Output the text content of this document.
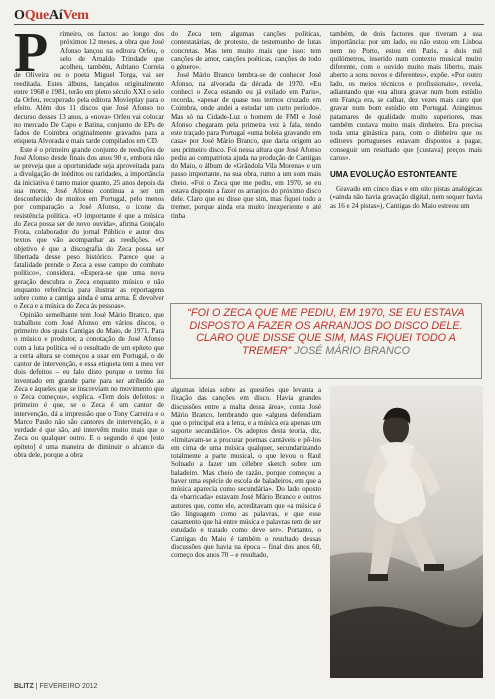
OQueAíVem

P	rimeiro, os factos: ao longo dos próximos 12 meses, a obra que José Afonso lançou na editora Orfeu, o selo de Arnaldo Trindade que acolheu, também, Adriano Correia de Oliveira ou o poeta Miguel Torga, vai ser reeditada. Estes álbuns, lançados originalmente entre 1968 e 1981, terão em pleno século XXI o selo da Orfeu, recuperado pela editora Movieplay para o efeito. Além dos 11 discos que José Afonso no decurso desses 13 anos, a «nova» Orfeu vai colocar no mercado De Capo e Batina, conjunto de EPs de fados de Coimbra originalmente gravados para a etiqueta Alvorada e mais tarde compilados em CD.

Este é o primeiro grande conjunto de reedições de José Afonso desde finais dos anos 90 e, embora não se preveja que a oportunidade seja aproveitada para a divulgação de inéditos ou raridades, a importância da iniciativa é tanto maior quanto, 25 anos depois da sua morte, José Afonso continua a ser um desconhecido de muitos em Portugal, pelo menos por comparação a José Afonso, o ícone da resistência política. «O importante é que a música do Zeca possa ser de novo ouvida», afirma Gonçalo Frota, colaborador do jornal Público e autor dos textos que vão acompanhar as reedições. «O objetivo é que a discografia do Zeca possa ser libertada desse peso histórico. Parece que a fatalidade prende o Zeca a esse campo do combate político», considera. «Espera-se que uma nova geração descubra o Zeca enquanto músico e não enquanto referência para ilustrar as reportagens sobre como a cantiga ainda é uma arma. É devolver o Zeca e a música do Zeca às pessoas».

Opinião semelhante tem José Mário Branco, que trabalhou com José Afonso em vários discos, o primeiro dos quais Cantigas do Maio, de 1971. Para o músico e produtor, a conotação de José Afonso com a luta política «é o resultado de um epíteto que a certa altura se começou a usar em Portugal, o de cantor de intervenção, e essa etiqueta tem a meu ver dois defeitos – eu falo disto porque o termo foi inventado em grande parte para ser atribuído ao Zeca e àqueles que se inscreviam no movimento que o Zeca começou», explica. «Tem dois defeitos: o primeiro é que, se o Zeca é um cantor de intervenção, dá a impressão que o Tony Carreira e o Marco Paulo não são cantores de intervenção, e a verdade é que são, até intervêm muito mais que o Zeca ou qualquer outro. E o segundo é que [este epíteto] é uma maneira de diminuir o alcance da obra dele, porque a obra

do Zeca tem algumas canções políticas, contestatárias, de protesto, de testemunho de lutas concretas. Mas tem muito mais que isso: tem canções de amor, canções poéticas, canções de todo o género».

José Mário Branco lembra-se de conhecer José Afonso, na alvorada da década de 1970. «Eu conheci o Zeca estando eu já exilado em Paris», recorda, «apesar de quase nos termos cruzado em Coimbra, onde andei a estudar um curto período». Mas só na Cidade-Luz o homem de FMI e José Afonso chegaram pela primeira vez à fala, tendo este traçado para Portugal «uma boleia gravando em casa» por José Mário Branco, que daria origem ao seu primeiro disco. Foi nessa altura que José Afonso pediu ao compatriota ajuda na produção de Cantigas do Maio, o álbum de «Grândola Vila Morena» e um passo importante, na sua obra, rumo a um som mais cheio. «Foi o Zeca que me pediu, em 1970, se eu estava disposto a fazer os arranjos do próximo disco dele. Claro que eu disse que sim, mas fiquei todo a tremer, porque ainda era muito inexperiente e até tinha

também, de dois factores que tiveram a sua importância: por um lado, eu não estou em Lisboa nem no Porto, estou em Paris, a dois mil quilómetros, inserido num contexto musical muito diferente, com o ouvido muito mais liberto, mais aberto a sons novos e diferentes», expõe. «Por outro lado, os meios técnicos e profissionais», revela, adiantando que «na altura gravar num bom estúdio em França era, se calhar, dez vezes mais caro que gravar num bom estúdio em Portugal. Atingimos patamares de qualidade muito superiores, mas também custava muito mais dinheiro. Era precisa toda uma ginástica para, com o dinheiro que os editores portugueses estavam dispostos a pagar, conseguir um resultado que [custava] preços mais caros».

UMA EVOLUÇÃO ESTONTEANTE

Gravado em cinco dias e em oito pistas analógicas («ainda não havia gravação digital, nem sequer havia as 16 e 24 pistas»), Cantigas do Maio estreou um

“FOI O ZECA QUE ME PEDIU, EM 1970, SE EU ESTAVA DISPOSTO A FAZER OS ARRANJOS DO DISCO DELE. CLARO QUE DISSE QUE SIM, MAS FIQUEI TODO A TREMER” JOSÉ MÁRIO BRANCO

algumas ideias sobre as questões que levanta a fixação das canções em disco. Havia grandes discussões entre a malta dessa área», conta José Mário Branco, lembrando que «alguns defendiam que o principal era a letra, e a música era apenas um suporte secundário». Os adeptos desta teoria, diz, «limitavam-se a procurar poemas cantáveis e pô-los em cima de uma música qualquer, secundarizando totalmente a parte musical, o que levou o Raul Solnado a fazer um célebre sketch sobre um baladeiro. Mas cheio de razão, porque começou a haver uma espécie de escola de baladeiros, em que a música aparecia como secundária». Do lado oposto da «barricada» estavam José Mário Branco e outros autores que, como ele, acreditavam que «a música é tão linguagem como as palavras, e que esse casamento que há entre música e palavras tem de ser estudado e tratado como deve ser». Portanto, o Cantigas do Maio é também o resultado dessas discussões que havia na época – final dos anos 60, começo dos anos 70 – e resultado,

BLITZ | FEVEREIRO 2012
